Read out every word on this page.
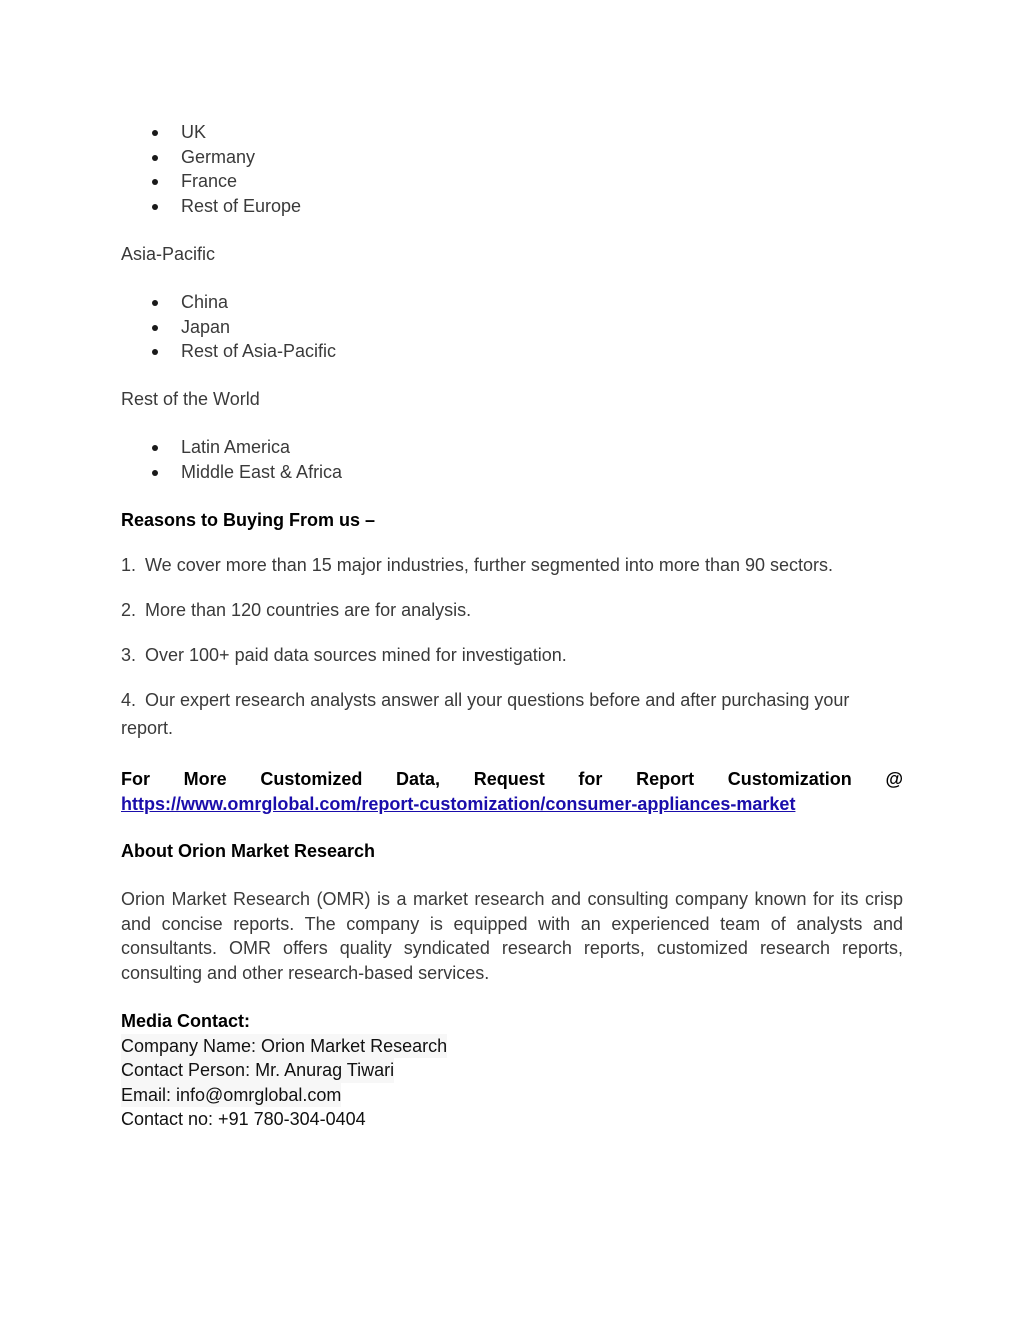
UK
Germany
France
Rest of Europe
Asia-Pacific
China
Japan
Rest of Asia-Pacific
Rest of the World
Latin America
Middle East & Africa
Reasons to Buying From us –
1. We cover more than 15 major industries, further segmented into more than 90 sectors.
2. More than 120 countries are for analysis.
3. Over 100+ paid data sources mined for investigation.
4. Our expert research analysts answer all your questions before and after purchasing your report.
For More Customized Data, Request for Report Customization @
https://www.omrglobal.com/report-customization/consumer-appliances-market
About Orion Market Research
Orion Market Research (OMR) is a market research and consulting company known for its crisp and concise reports. The company is equipped with an experienced team of analysts and consultants. OMR offers quality syndicated research reports, customized research reports, consulting and other research-based services.
Media Contact:
Company Name: Orion Market Research
Contact Person: Mr. Anurag Tiwari
Email: info@omrglobal.com
Contact no: +91 780-304-0404
